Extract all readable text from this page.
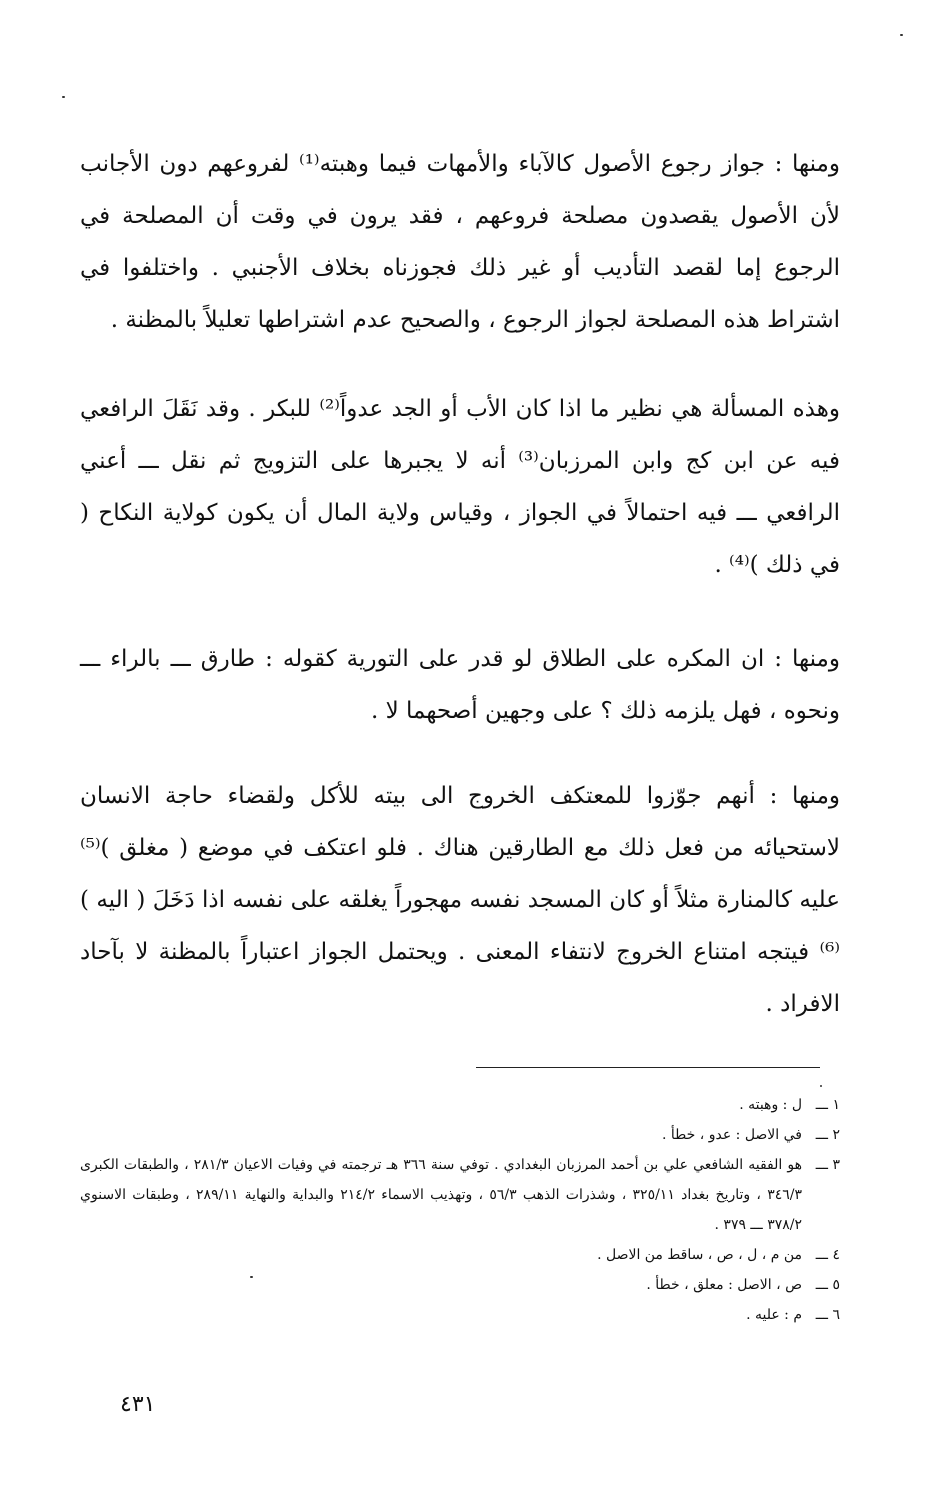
ومنها : جواز رجوع الأصول كالآباء والأمهات فيما وهبته⁽¹⁾ لفروعهم دون الأجانب لأن الأصول يقصدون مصلحة فروعهم ، فقد يرون في وقت أن المصلحة في الرجوع إما لقصد التأديب أو غير ذلك فجوزناه بخلاف الأجنبي . واختلفوا في اشتراط هذه المصلحة لجواز الرجوع ، والصحيح عدم اشتراطها تعليلاً بالمظنة .

وهذه المسألة هي نظير ما اذا كان الأب أو الجد عدواً⁽²⁾ للبكر . وقد نَقَلَ الرافعي فيه عن ابن كج وابن المرزبان⁽³⁾ أنه لا يجبرها على التزويج ثم نقل ـــ أعني الرافعي ـــ فيه احتمالاً في الجواز ، وقياس ولاية المال أن يكون كولاية النكاح ( في ذلك )⁽⁴⁾ .

ومنها : ان المكره على الطلاق لو قدر على التورية كقوله : طارق ـــ بالراء ـــ ونحوه ، فهل يلزمه ذلك ؟ على وجهين أصحهما لا .

ومنها : أنهم جوّزوا للمعتكف الخروج الى بيته للأكل ولقضاء حاجة الانسان لاستحيائه من فعل ذلك مع الطارقين هناك . فلو اعتكف في موضع ( مغلق )⁽⁵⁾ عليه كالمنارة مثلاً أو كان المسجد نفسه مهجوراً يغلقه على نفسه اذا دَخَلَ ( اليه )⁽⁶⁾ فيتجه امتناع الخروج لانتفاء المعنى . ويحتمل الجواز اعتباراً بالمظنة لا بآحاد الافراد .

١ ـــ
ل : وهبته .
٢ ـــ
في الاصل : عدو ، خطأ .
٣ ـــ
هو الفقيه الشافعي علي بن أحمد المرزبان البغدادي . توفي سنة ٣٦٦ هـ ترجمته في وفيات الاعيان ٢٨١/٣ ، والطبقات الكبرى ٣٤٦/٣ ، وتاريخ بغداد ٣٢٥/١١ ، وشذرات الذهب ٥٦/٣ ، وتهذيب الاسماء ٢١٤/٢ والبداية والنهاية ٢٨٩/١١ ، وطبقات الاسنوي ٣٧٨/٢ ـــ ٣٧٩ .
٤ ـــ
من م ، ل ، ص ، ساقط من الاصل .
٥ ـــ
ص ، الاصل : معلق ، خطأ .
٦ ـــ
م : عليه .
٤٣١
